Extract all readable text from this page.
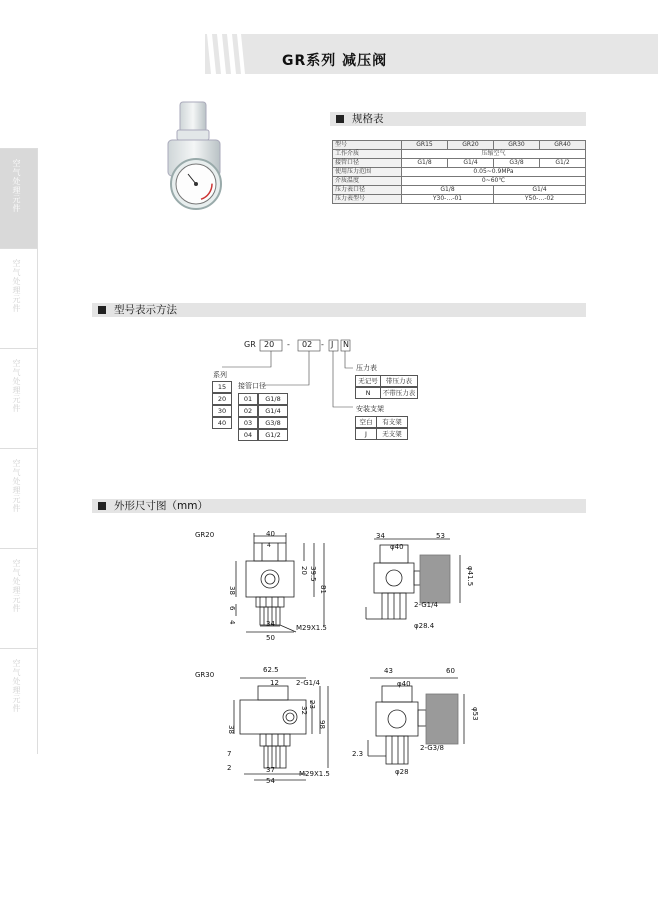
GR系列 减压阀
空气处理元件
空气处理元件
空气处理元件
空气处理元件
空气处理元件
空气处理元件
规格表
型号	GR15	GR20	GR30	GR40
工作介质	压缩空气			
接管口径	G1/8	G1/4	G3/8	G1/2
使用压力范围	0.05~0.9MPa			
介质温度	0~60℃			
压力表口径	G1/8		G1/4	
压力表型号	Y30-…-01		Y50-…-02	
型号表示方法
GR 20 - 02 - J N
系列
15
20
30
40
接管口径
01	G1/8
02	G1/4
03	G3/8
04	G1/2
压力表
无记号	带压力表
N	不带压力表
安装支架
空白	有支架
J	无支架
外形尺寸图（mm）
GR20	40
4
20 39.5
81
38
6
4	34
50
M29X1.5
34	53
φ40
φ41.5
2-G1/4
φ28.4
GR30
62.5
12 2-G1/4
32
23
98
38
7
2	37
54
M29X1.5
43	60
φ40
φ53
2.3
2-G3/8
φ28
